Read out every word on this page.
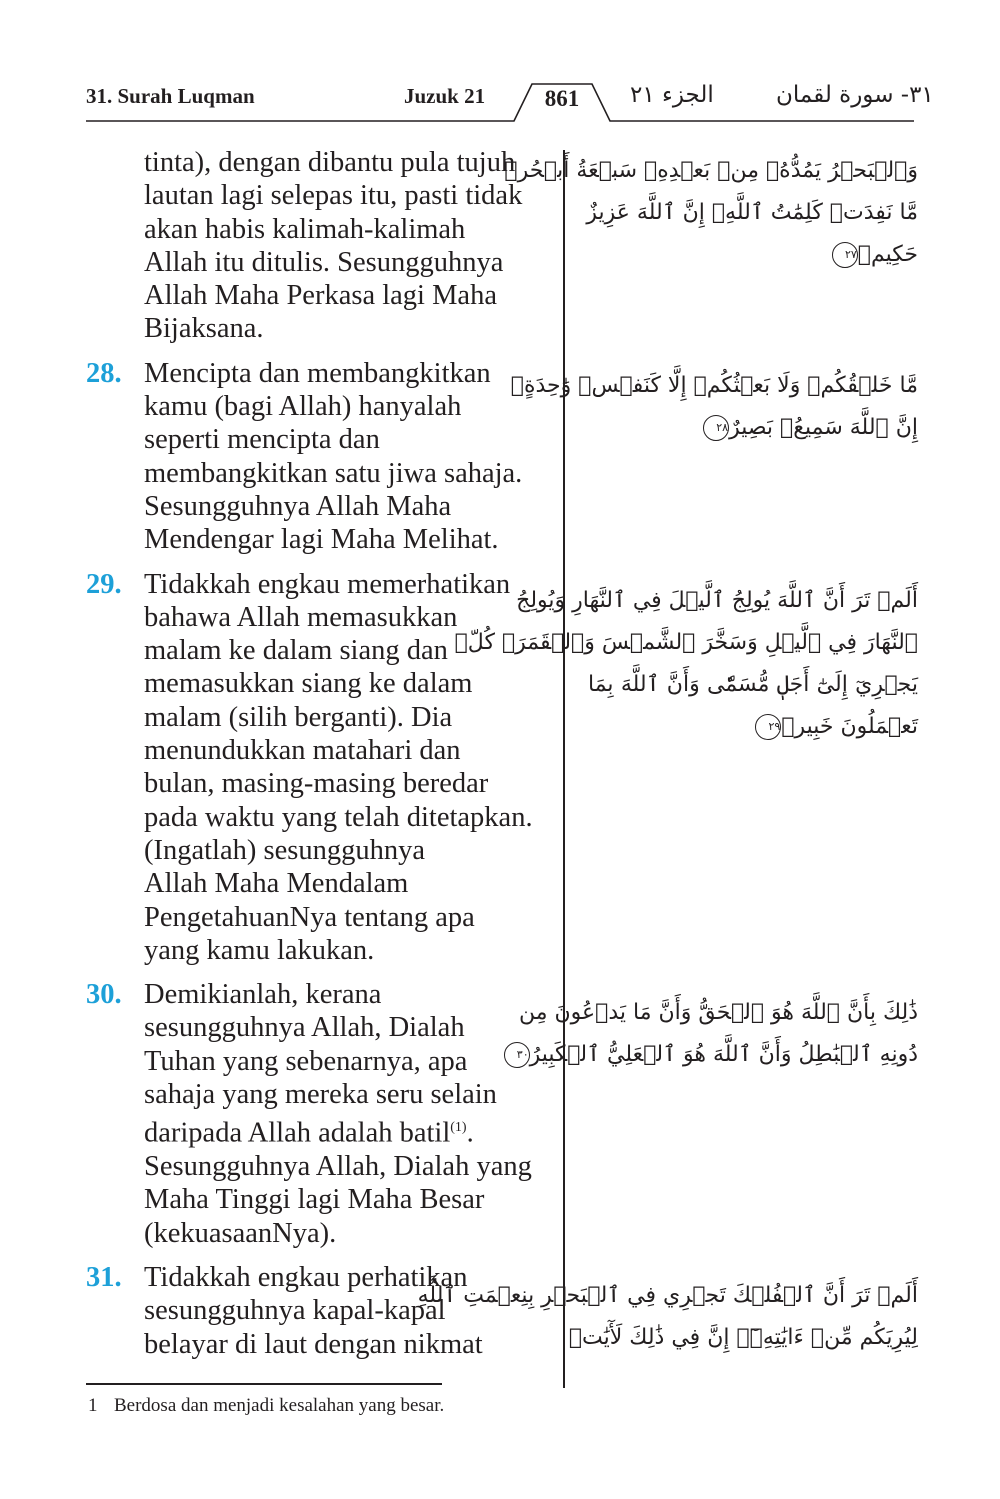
31. Surah Luqman	Juzuk 21	861	الجزء ٢١	٣١- سورة لقمان
tinta), dengan dibantu pula tujuh
lautan lagi selepas itu, pasti tidak
akan habis kalimah-kalimah
Allah itu ditulis. Sesungguhnya
Allah Maha Perkasa lagi Maha
Bijaksana.
28. Mencipta dan membangkitkan
kamu (bagi Allah) hanyalah
seperti mencipta dan
membangkitkan satu jiwa sahaja.
Sesungguhnya Allah Maha
Mendengar lagi Maha Melihat.
29. Tidakkah engkau memerhatikan
bahawa Allah memasukkan
malam ke dalam siang dan
memasukkan siang ke dalam
malam (silih berganti). Dia
menundukkan matahari dan
bulan, masing-masing beredar
pada waktu yang telah ditetapkan.
(Ingatlah) sesungguhnya
Allah Maha Mendalam
PengetahuanNya tentang apa
yang kamu lakukan.
30. Demikianlah, kerana
sesungguhnya Allah, Dialah
Tuhan yang sebenarnya, apa
sahaja yang mereka seru selain
daripada Allah adalah batil$^{(1)}$.
Sesungguhnya Allah, Dialah yang
Maha Tinggi lagi Maha Besar
(kekuasaanNya).
31. Tidakkah engkau perhatikan
sesungguhnya kapal-kapal
belayar di laut dengan nikmat
وَٱلۡبَحۡرُ يَمُدُّهُۥ مِنۢ بَعۡدِهِۦ سَبۡعَةُ أَبۡحُرٖ
مَّا نَفِدَتۡ كَلِمَٰتُ ٱللَّهِۚ إِنَّ ٱللَّهَ عَزِيزٌ
حَكِيمٞ٢٧
مَّا خَلۡقُكُمۡ وَلَا بَعۡثُكُمۡ إِلَّا كَنَفۡسٖ وَٰحِدَةٍۚ
إِنَّ ٱللَّهَ سَمِيعُۢ بَصِيرٌ٢٨
أَلَمۡ تَرَ أَنَّ ٱللَّهَ يُولِجُ ٱلَّيۡلَ فِي ٱلنَّهَارِ وَيُولِجُ
ٱلنَّهَارَ فِي ٱلَّيۡلِ وَسَخَّرَ ٱلشَّمۡسَ وَٱلۡقَمَرَۖ كُلّٞ
يَجۡرِيٓ إِلَىٰٓ أَجَلٖ مُّسَمّٗى وَأَنَّ ٱللَّهَ بِمَا
تَعۡمَلُونَ خَبِيرٞ٢٩
ذَٰلِكَ بِأَنَّ ٱللَّهَ هُوَ ٱلۡحَقُّ وَأَنَّ مَا يَدۡعُونَ مِن
دُونِهِ ٱلۡبَٰطِلُ وَأَنَّ ٱللَّهَ هُوَ ٱلۡعَلِيُّ ٱلۡكَبِيرُ٣٠
أَلَمۡ تَرَ أَنَّ ٱلۡفُلۡكَ تَجۡرِي فِي ٱلۡبَحۡرِ بِنِعۡمَتِ ٱللَّهِ
لِيُرِيَكُم مِّنۡ ءَايَٰتِهِۦٓۚ إِنَّ فِي ذَٰلِكَ لَأٓيَٰتٖ
1 Berdosa dan menjadi kesalahan yang besar.
